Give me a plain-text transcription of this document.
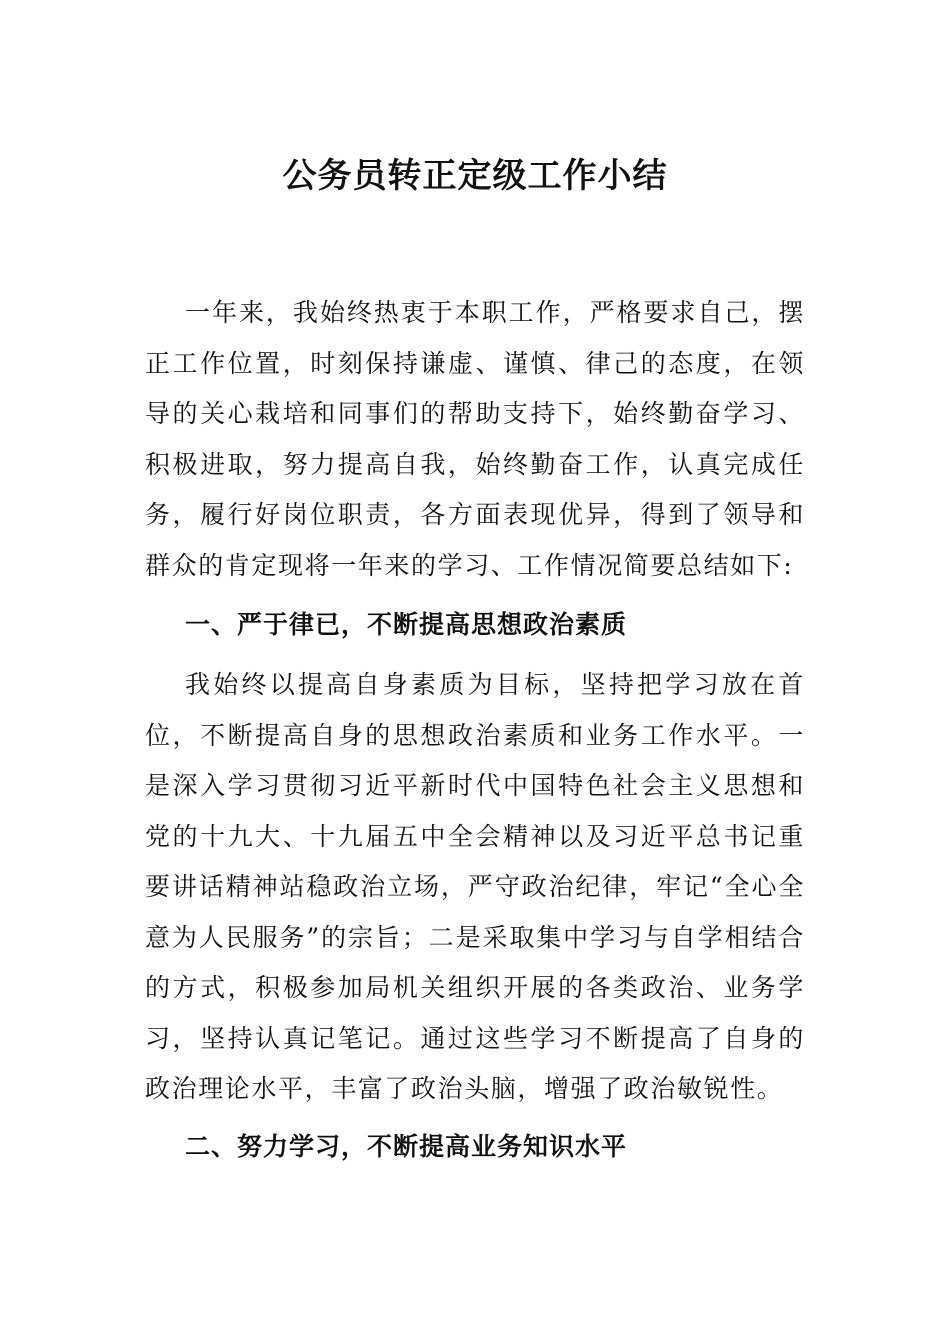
公务员转正定级工作小结

一年来，我始终热衷于本职工作，严格要求自己，摆正工作位置，时刻保持谦虚、谨慎、律己的态度，在领导的关心栽培和同事们的帮助支持下，始终勤奋学习、积极进取，努力提高自我，始终勤奋工作，认真完成任务，履行好岗位职责，各方面表现优异，得到了领导和群众的肯定现将一年来的学习、工作情况简要总结如下:

一、严于律已，不断提高思想政治素质

我始终以提高自身素质为目标，坚持把学习放在首位，不断提高自身的思想政治素质和业务工作水平。一是深入学习贯彻习近平新时代中国特色社会主义思想和党的十九大、十九届五中全会精神以及习近平总书记重要讲话精神站稳政治立场，严守政治纪律，牢记“全心全意为人民服务”的宗旨；二是采取集中学习与自学相结合的方式，积极参加局机关组织开展的各类政治、业务学习，坚持认真记笔记。通过这些学习不断提高了自身的政治理论水平，丰富了政治头脑，增强了政治敏锐性。

二、努力学习，不断提高业务知识水平
